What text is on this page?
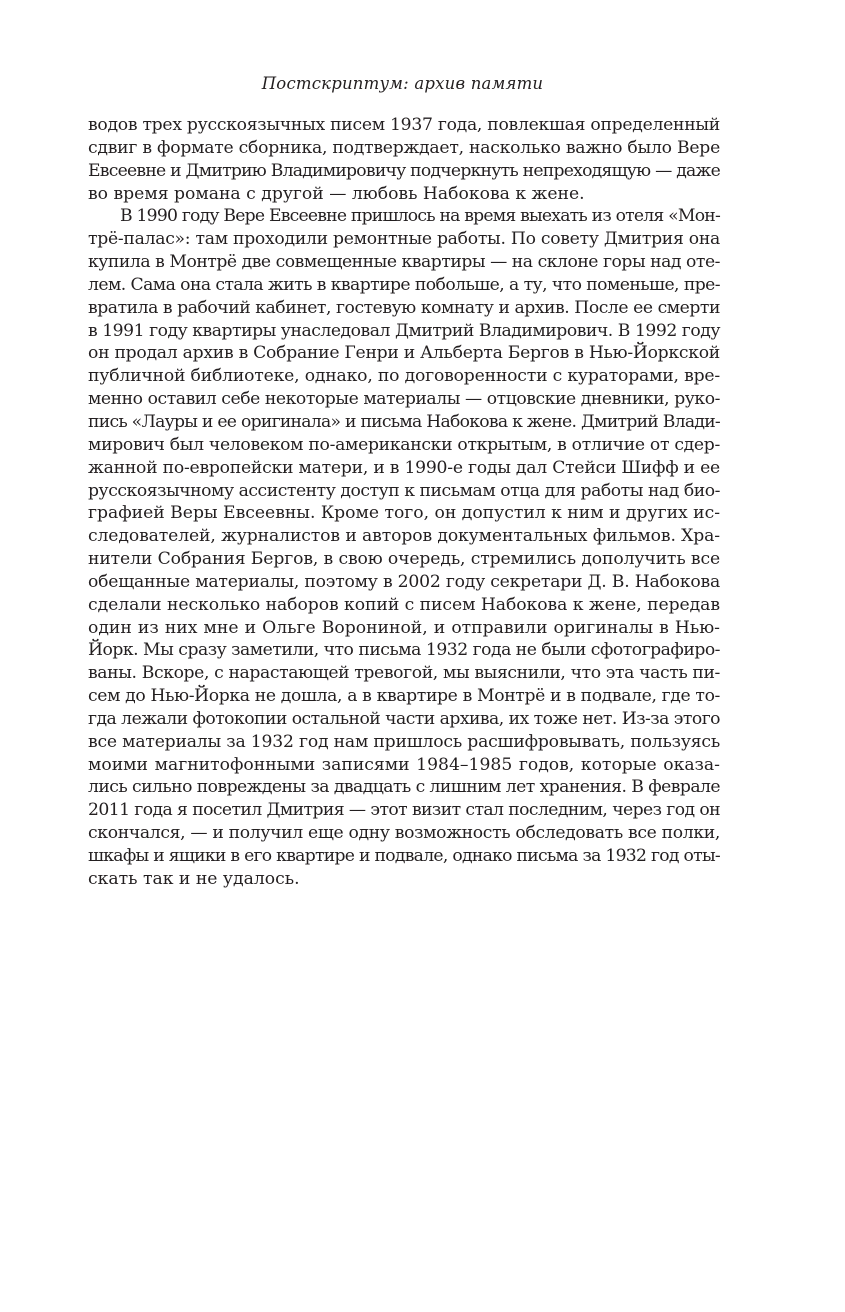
Постскриптум: архив памяти
водов трех русскоязычных писем 1937 года, повлекшая определенный
сдвиг в формате сборника, подтверждает, насколько важно было Вере
Евсеевне и Дмитрию Владимировичу подчеркнуть непреходящую — даже
во время романа с другой — любовь Набокова к жене.
В 1990 году Вере Евсеевне пришлось на время выехать из отеля «Мон-
трё-палас»: там проходили ремонтные работы. По совету Дмитрия она
купила в Монтрё две совмещенные квартиры — на склоне горы над оте-
лем. Сама она стала жить в квартире побольше, а ту, что поменьше, пре-
вратила в рабочий кабинет, гостевую комнату и архив. После ее смерти
в 1991 году квартиры унаследовал Дмитрий Владимирович. В 1992 году
он продал архив в Собрание Генри и Альберта Бергов в Нью-Йоркской
публичной библиотеке, однако, по договоренности с кураторами, вре-
менно оставил себе некоторые материалы — отцовские дневники, руко-
пись «Лауры и ее оригинала» и письма Набокова к жене. Дмитрий Влади-
мирович был человеком по-американски открытым, в отличие от сдер-
жанной по-европейски матери, и в 1990-е годы дал Стейси Шифф и ее
русскоязычному ассистенту доступ к письмам отца для работы над био-
графией Веры Евсеевны. Кроме того, он допустил к ним и других ис-
следователей, журналистов и авторов документальных фильмов. Хра-
нители Собрания Бергов, в свою очередь, стремились дополучить все
обещанные материалы, поэтому в 2002 году секретари Д. В. Набокова
сделали несколько наборов копий с писем Набокова к жене, передав
один из них мне и Ольге Ворониной, и отправили оригиналы в Нью-
Йорк. Мы сразу заметили, что письма 1932 года не были сфотографиро-
ваны. Вскоре, с нарастающей тревогой, мы выяснили, что эта часть пи-
сем до Нью-Йорка не дошла, а в квартире в Монтрё и в подвале, где то-
гда лежали фотокопии остальной части архива, их тоже нет. Из-за этого
все материалы за 1932 год нам пришлось расшифровывать, пользуясь
моими магнитофонными записями 1984–1985 годов, которые оказа-
лись сильно повреждены за двадцать с лишним лет хранения. В феврале
2011 года я посетил Дмитрия — этот визит стал последним, через год он
скончался, — и получил еще одну возможность обследовать все полки,
шкафы и ящики в его квартире и подвале, однако письма за 1932 год оты-
скать так и не удалось.
